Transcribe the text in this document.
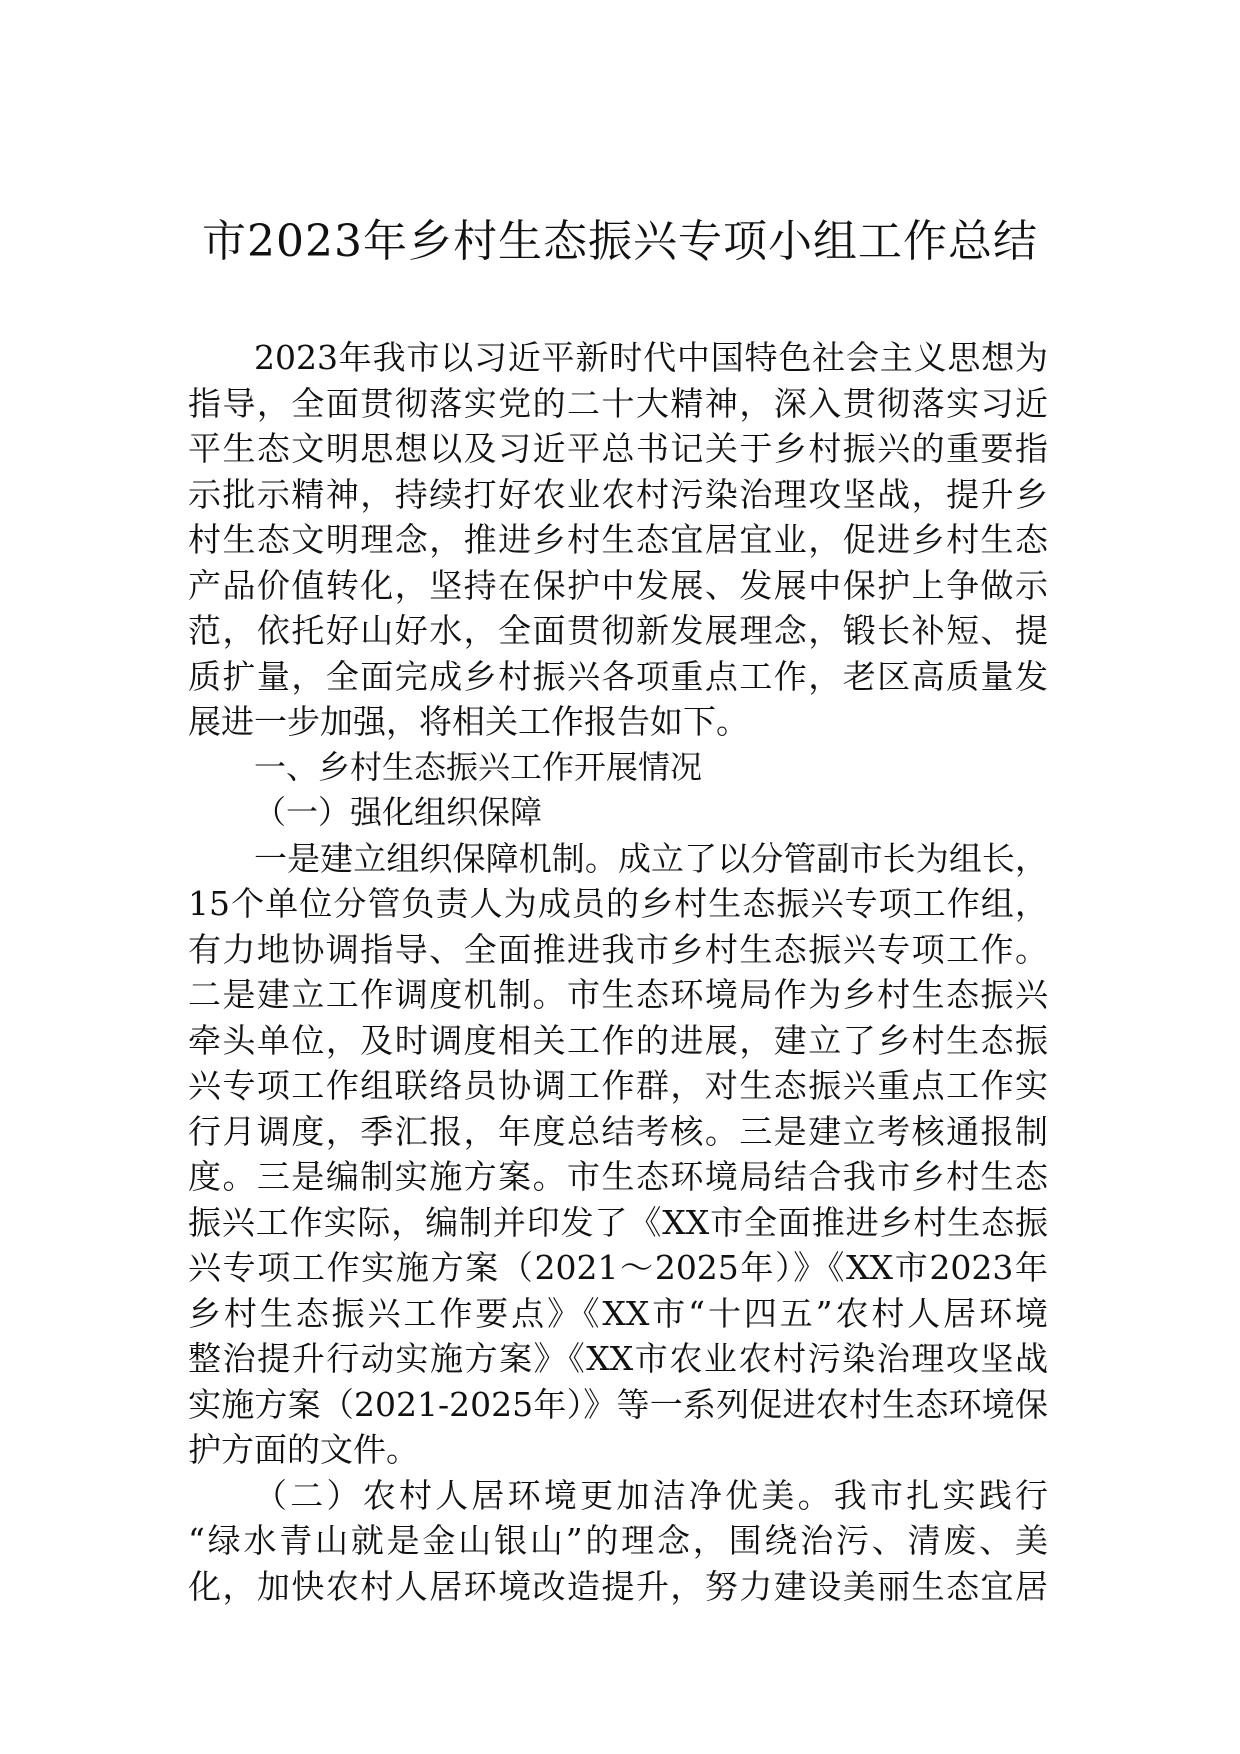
市2023年乡村生态振兴专项小组工作总结
2023年我市以习近平新时代中国特色社会主义思想为
指导，全面贯彻落实党的二十大精神，深入贯彻落实习近
平生态文明思想以及习近平总书记关于乡村振兴的重要指
示批示精神，持续打好农业农村污染治理攻坚战，提升乡
村生态文明理念，推进乡村生态宜居宜业，促进乡村生态
产品价值转化，坚持在保护中发展、发展中保护上争做示
范，依托好山好水，全面贯彻新发展理念，锻长补短、提
质扩量，全面完成乡村振兴各项重点工作，老区高质量发
展进一步加强，将相关工作报告如下。
一、乡村生态振兴工作开展情况
（一）强化组织保障
一是建立组织保障机制。成立了以分管副市长为组长，
15个单位分管负责人为成员的乡村生态振兴专项工作组，
有力地协调指导、全面推进我市乡村生态振兴专项工作。
二是建立工作调度机制。市生态环境局作为乡村生态振兴
牵头单位，及时调度相关工作的进展，建立了乡村生态振
兴专项工作组联络员协调工作群，对生态振兴重点工作实
行月调度，季汇报，年度总结考核。三是建立考核通报制
度。三是编制实施方案。市生态环境局结合我市乡村生态
振兴工作实际，编制并印发了《XX市全面推进乡村生态振
兴专项工作实施方案（2021～2025年）》《XX市2023年
乡村生态振兴工作要点》《XX市“十四五”农村人居环境
整治提升行动实施方案》《XX市农业农村污染治理攻坚战
实施方案（2021-2025年）》等一系列促进农村生态环境保
护方面的文件。
（二）农村人居环境更加洁净优美。我市扎实践行
“绿水青山就是金山银山”的理念，围绕治污、清废、美
化，加快农村人居环境改造提升，努力建设美丽生态宜居
